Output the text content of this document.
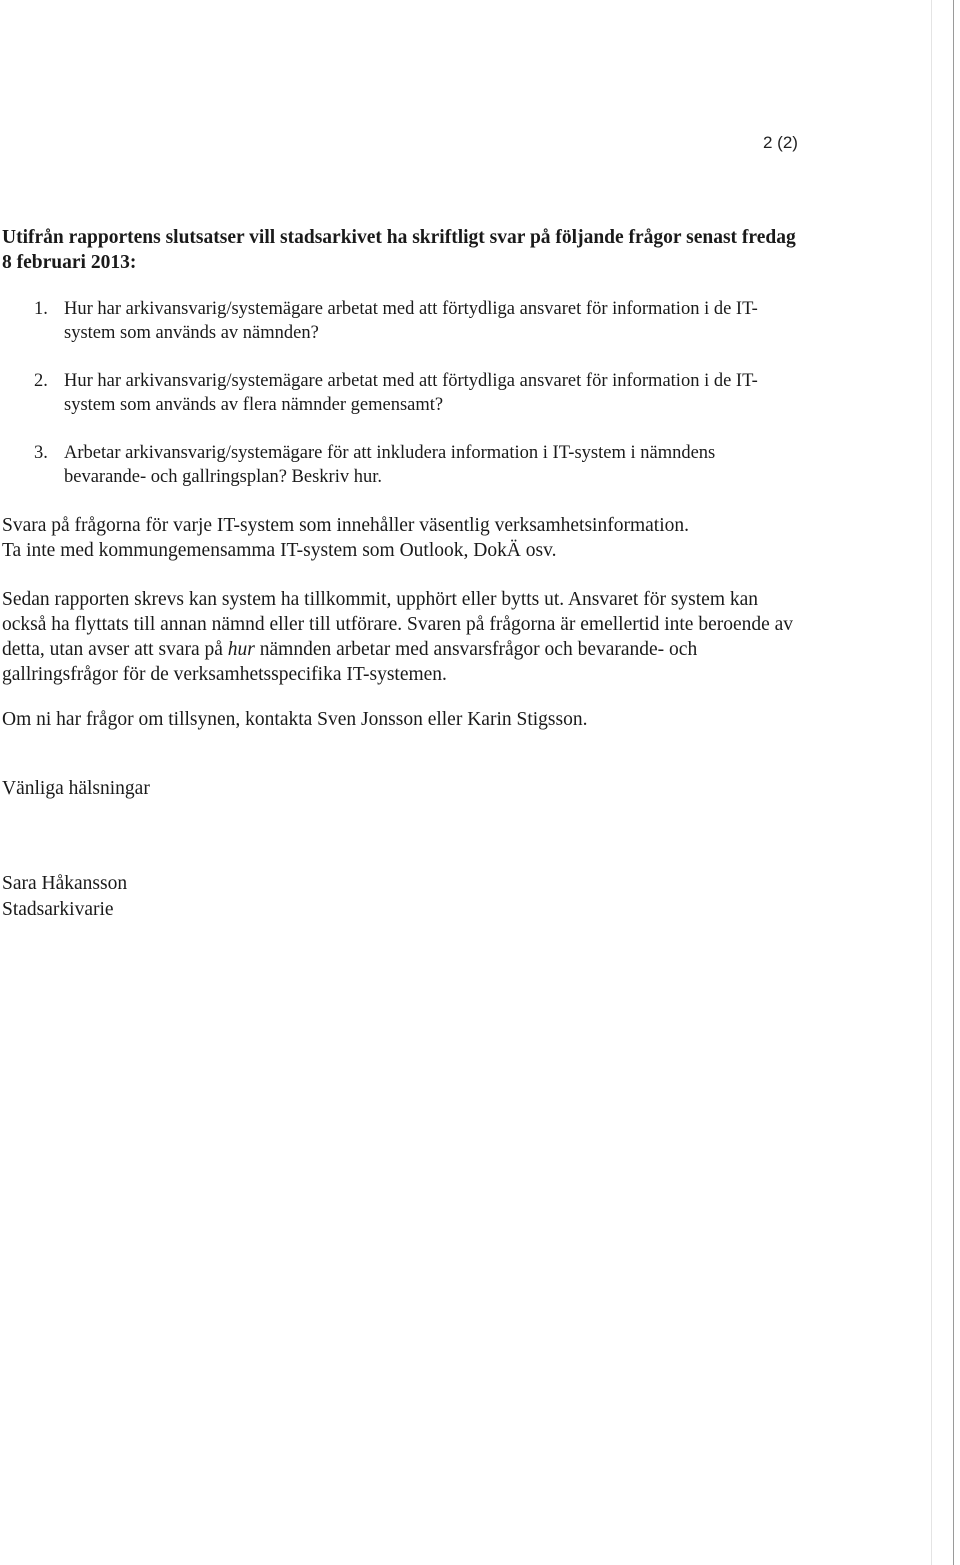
2 (2)

Utifrån rapportens slutsatser vill stadsarkivet ha skriftligt svar på följande frågor senast fredag 8 februari 2013:

1. Hur har arkivansvarig/systemägare arbetat med att förtydliga ansvaret för information i de IT-system som används av nämnden?
2. Hur har arkivansvarig/systemägare arbetat med att förtydliga ansvaret för information i de IT-system som används av flera nämnder gemensamt?
3. Arbetar arkivansvarig/systemägare för att inkludera information i IT-system i nämndens bevarande- och gallringsplan? Beskriv hur.
Svara på frågorna för varje IT-system som innehåller väsentlig verksamhetsinformation.
Ta inte med kommungemensamma IT-system som Outlook, DokÄ osv.

Sedan rapporten skrevs kan system ha tillkommit, upphört eller bytts ut. Ansvaret för system kan också ha flyttats till annan nämnd eller till utförare. Svaren på frågorna är emellertid inte beroende av detta, utan avser att svara på hur nämnden arbetar med ansvarsfrågor och bevarande- och gallringsfrågor för de verksamhetsspecifika IT-systemen.

Om ni har frågor om tillsynen, kontakta Sven Jonsson eller Karin Stigsson.

Vänliga hälsningar
Sara Håkansson
Stadsarkivarie
